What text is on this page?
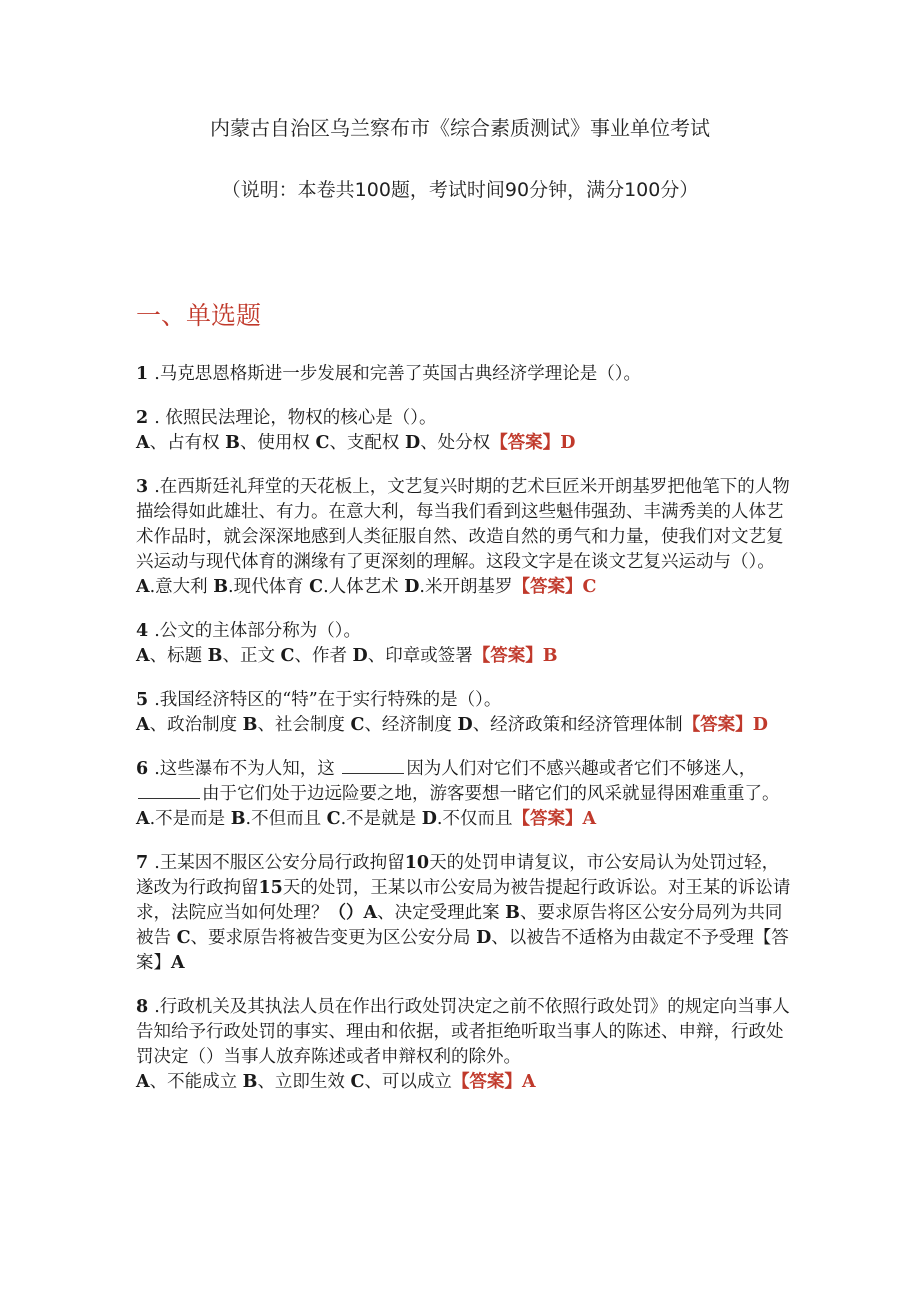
内蒙古自治区乌兰察布市《综合素质测试》事业单位考试
（说明：本卷共100题，考试时间90分钟，满分100分）
一、单选题

1 .马克思恩格斯进一步发展和完善了英国古典经济学理论是（）。

2 . 依照民法理论，物权的核心是（）。

A、占有权 B、使用权 C、支配权 D、处分权【答案】D

3 .在西斯廷礼拜堂的天花板上，文艺复兴时期的艺术巨匠米开朗基罗把他笔下的人物描绘得如此雄壮、有力。在意大利，每当我们看到这些魁伟强劲、丰满秀美的人体艺术作品时，就会深深地感到人类征服自然、改造自然的勇气和力量，使我们对文艺复兴运动与现代体育的渊缘有了更深刻的理解。这段文字是在谈文艺复兴运动与（）。

A.意大利 B.现代体育 C.人体艺术 D.米开朗基罗【答案】C

4 .公文的主体部分称为（）。

A、标题 B、正文 C、作者 D、印章或签署【答案】B

5 .我国经济特区的“特”在于实行特殊的是（）。

A、政治制度 B、社会制度 C、经济制度 D、经济政策和经济管理体制【答案】D

6 .这些瀑布不为人知，这	因为人们对它们不感兴趣或者它们不够迷人，由于它们处于边远险要之地，游客要想一睹它们的风采就显得困难重重了。

A.不是而是 B.不但而且 C.不是就是 D.不仅而且【答案】A

7 .王某因不服区公安分局行政拘留10天的处罚申请复议，市公安局认为处罚过轻，遂改为行政拘留15天的处罚，王某以市公安局为被告提起行政诉讼。对王某的诉讼请求，法院应当如何处理？（）A、决定受理此案 B、要求原告将区公安分局列为共同被告 C、要求原告将被告变更为区公安分局 D、以被告不适格为由裁定不予受理【答案】A

8 .行政机关及其执法人员在作出行政处罚决定之前不依照行政处罚》的规定向当事人告知给予行政处罚的事实、理由和依据，或者拒绝听取当事人的陈述、申辩，行政处罚决定（）当事人放弃陈述或者申辩权利的除外。

A、不能成立 B、立即生效 C、可以成立【答案】A
